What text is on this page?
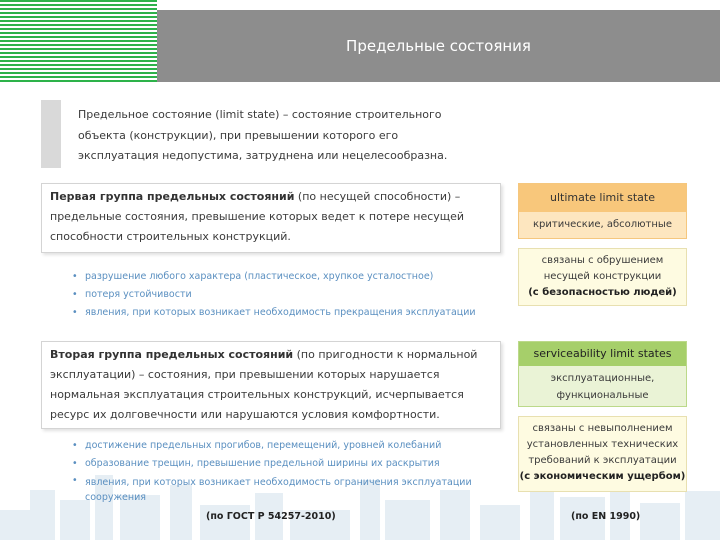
Предельные состояния
Предельное состояние (limit state) – состояние строительного
объекта (конструкции), при превышении которого его
эксплуатация недопустима, затруднена или нецелесообразна.
Первая группа предельных состояний (по несущей способности) –
предельные состояния, превышение которых ведет к потере несущей
способности строительных конструкций.
• разрушение любого характера (пластическое, хрупкое усталостное)
• потеря устойчивости
• явления, при которых возникает необходимость прекращения эксплуатации
Вторая группа предельных состояний (по пригодности к нормальной
эксплуатации) – состояния, при превышении которых нарушается
нормальная эксплуатация строительных конструкций, исчерпывается
ресурс их долговечности или нарушаются условия комфортности.
• достижение предельных прогибов, перемещений, уровней колебаний
• образование трещин, превышение предельной ширины их раскрытия
• явления, при которых возникает необходимость ограничения эксплуатации сооружения
ultimate limit state
критические, абсолютные
связаны с обрушением
несущей конструкции
(с безопасностью людей)
serviceability limit states
эксплуатационные,
функциональные
связаны с невыполнением
установленных технических
требований к эксплуатации
(с экономическим ущербом)
(по ГОСТ Р 54257-2010)	(по EN 1990)
